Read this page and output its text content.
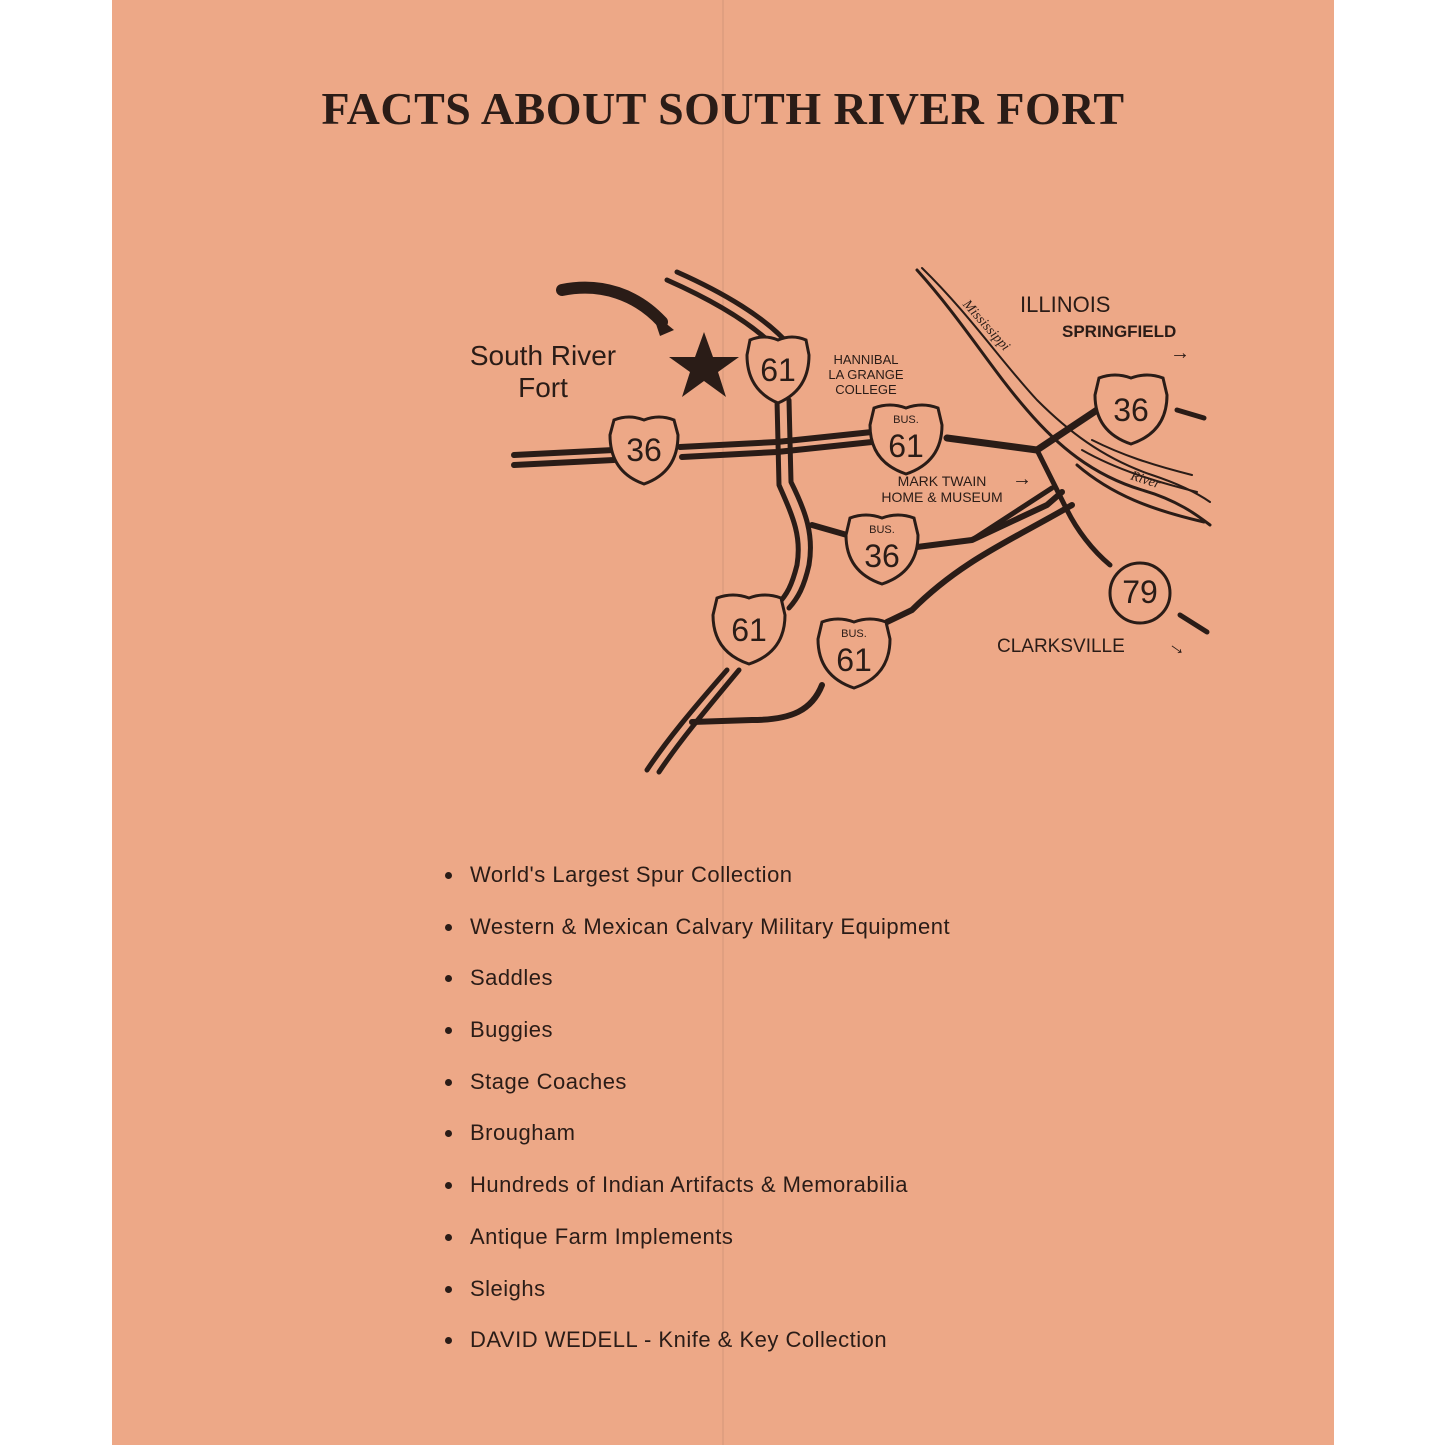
FACTS ABOUT SOUTH RIVER FORT
South River
Fort
HANNIBAL
LA GRANGE
COLLEGE
ILLINOIS
SPRINGFIELD
→
MARK TWAIN
HOME & MUSEUM
→
CLARKSVILLE →
Mississippi
River
61
36
BUS.
61
36
BUS.
36
61	BUS.
61
79
World's Largest Spur Collection
Western & Mexican Calvary Military Equipment
Saddles
Buggies
Stage Coaches
Brougham
Hundreds of Indian Artifacts & Memorabilia
Antique Farm Implements
Sleighs
DAVID WEDELL - Knife & Key Collection
